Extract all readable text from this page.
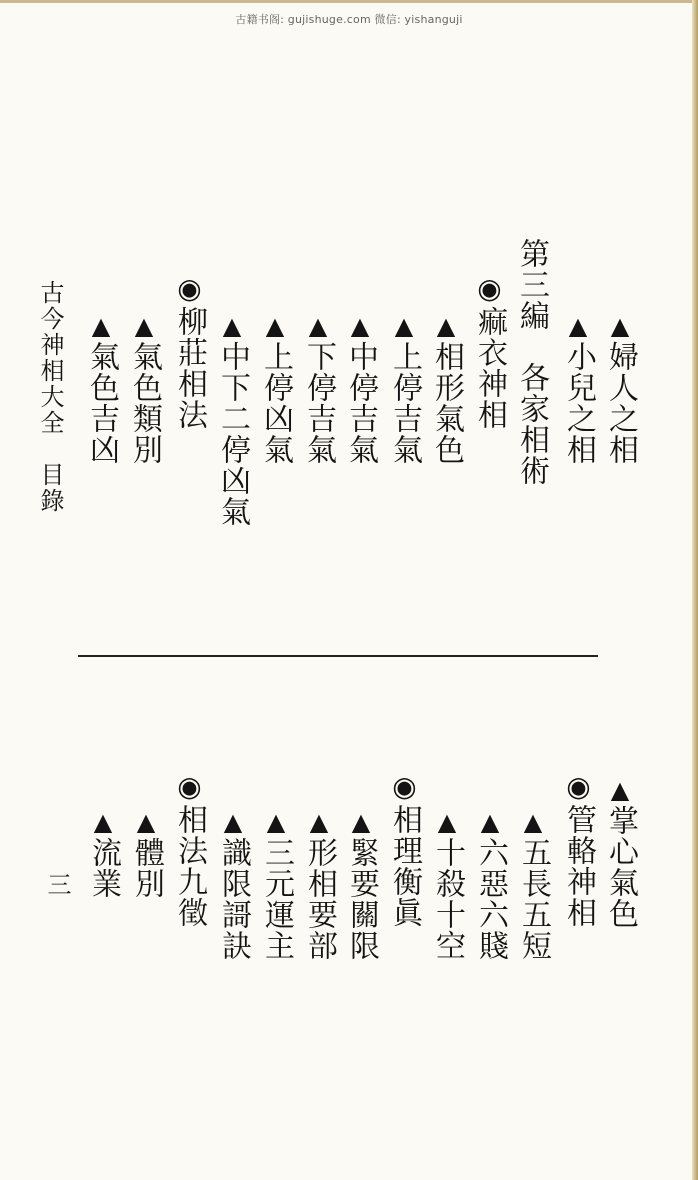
古籍书阁: gujishuge.com 微信: yishanguji
▲婦人之相
▲小兒之相
第三編　各家相術
◉痲衣神相
▲相形氣色
▲上停吉氣
▲中停吉氣
▲下停吉氣
▲上停凶氣
▲中下二停凶氣
◉柳莊相法
▲氣色類別
▲氣色吉凶
古今神相大全　目錄
▲掌心氣色
◉管輅神相
▲五長五短
▲六惡六賤
▲十殺十空
◉相理衡眞
▲緊要關限
▲形相要部
▲三元運主
▲識限謌訣
◉相法九徵
▲體別
▲流業
三
